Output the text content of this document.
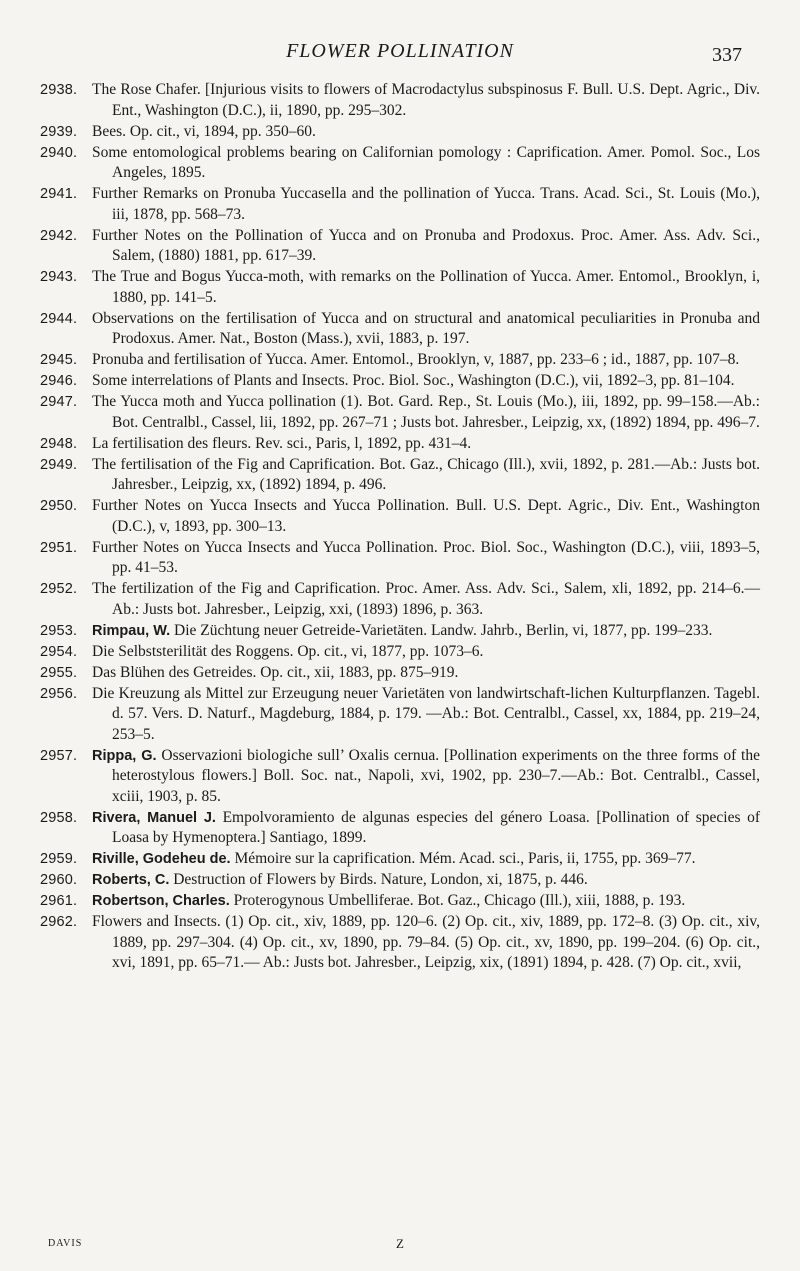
FLOWER POLLINATION	337
2938. The Rose Chafer. [Injurious visits to flowers of Macrodactylus subspinosus F. Bull. U.S. Dept. Agric., Div. Ent., Washington (D.C.), ii, 1890, pp. 295–302.
2939. Bees. Op. cit., vi, 1894, pp. 350–60.
2940. Some entomological problems bearing on Californian pomology : Caprification. Amer. Pomol. Soc., Los Angeles, 1895.
2941. Further Remarks on Pronuba Yuccasella and the pollination of Yucca. Trans. Acad. Sci., St. Louis (Mo.), iii, 1878, pp. 568–73.
2942. Further Notes on the Pollination of Yucca and on Pronuba and Prodoxus. Proc. Amer. Ass. Adv. Sci., Salem, (1880) 1881, pp. 617–39.
2943. The True and Bogus Yucca-moth, with remarks on the Pollination of Yucca. Amer. Entomol., Brooklyn, i, 1880, pp. 141–5.
2944. Observations on the fertilisation of Yucca and on structural and anatomical peculiarities in Pronuba and Prodoxus. Amer. Nat., Boston (Mass.), xvii, 1883, p. 197.
2945. Pronuba and fertilisation of Yucca. Amer. Entomol., Brooklyn, v, 1887, pp. 233–6 ; id., 1887, pp. 107–8.
2946. Some interrelations of Plants and Insects. Proc. Biol. Soc., Washington (D.C.), vii, 1892–3, pp. 81–104.
2947. The Yucca moth and Yucca pollination (1). Bot. Gard. Rep., St. Louis (Mo.), iii, 1892, pp. 99–158.—Ab.: Bot. Centralbl., Cassel, lii, 1892, pp. 267–71 ; Justs bot. Jahresber., Leipzig, xx, (1892) 1894, pp. 496–7.
2948. La fertilisation des fleurs. Rev. sci., Paris, l, 1892, pp. 431–4.
2949. The fertilisation of the Fig and Caprification. Bot. Gaz., Chicago (Ill.), xvii, 1892, p. 281.—Ab.: Justs bot. Jahresber., Leipzig, xx, (1892) 1894, p. 496.
2950. Further Notes on Yucca Insects and Yucca Pollination. Bull. U.S. Dept. Agric., Div. Ent., Washington (D.C.), v, 1893, pp. 300–13.
2951. Further Notes on Yucca Insects and Yucca Pollination. Proc. Biol. Soc., Washington (D.C.), viii, 1893–5, pp. 41–53.
2952. The fertilization of the Fig and Caprification. Proc. Amer. Ass. Adv. Sci., Salem, xli, 1892, pp. 214–6.—Ab.: Justs bot. Jahresber., Leipzig, xxi, (1893) 1896, p. 363.
2953.	Rimpau, W. Die Züchtung neuer Getreide-Varietäten. Landw. Jahrb., Berlin, vi, 1877, pp. 199–233.
2954. Die Selbststerilität des Roggens. Op. cit., vi, 1877, pp. 1073–6.
2955. Das Blühen des Getreides. Op. cit., xii, 1883, pp. 875–919.
2956. Die Kreuzung als Mittel zur Erzeugung neuer Varietäten von landwirtschaft-lichen Kulturpflanzen. Tagebl. d. 57. Vers. D. Naturf., Magdeburg, 1884, p. 179. —Ab.: Bot. Centralbl., Cassel, xx, 1884, pp. 219–24, 253–5.
2957.	Rippa, G. Osservazioni biologiche sull’ Oxalis cernua. [Pollination experiments on the three forms of the heterostylous flowers.] Boll. Soc. nat., Napoli, xvi, 1902, pp. 230–7.—Ab.: Bot. Centralbl., Cassel, xciii, 1903, p. 85.
2958.	Rivera, Manuel J. Empolvoramiento de algunas especies del género Loasa. [Pollination of species of Loasa by Hymenoptera.] Santiago, 1899.
2959.	Riville, Godeheu de. Mémoire sur la caprification. Mém. Acad. sci., Paris, ii, 1755, pp. 369–77.
2960.	Roberts, C. Destruction of Flowers by Birds. Nature, London, xi, 1875, p. 446.
2961.	Robertson, Charles. Proterogynous Umbelliferae. Bot. Gaz., Chicago (Ill.), xiii, 1888, p. 193.
2962. Flowers and Insects. (1) Op. cit., xiv, 1889, pp. 120–6. (2) Op. cit., xiv, 1889, pp. 172–8. (3) Op. cit., xiv, 1889, pp. 297–304. (4) Op. cit., xv, 1890, pp. 79–84. (5) Op. cit., xv, 1890, pp. 199–204. (6) Op. cit., xvi, 1891, pp. 65–71.— Ab.: Justs bot. Jahresber., Leipzig, xix, (1891) 1894, p. 428. (7) Op. cit., xvii,
DAVIS	Z
